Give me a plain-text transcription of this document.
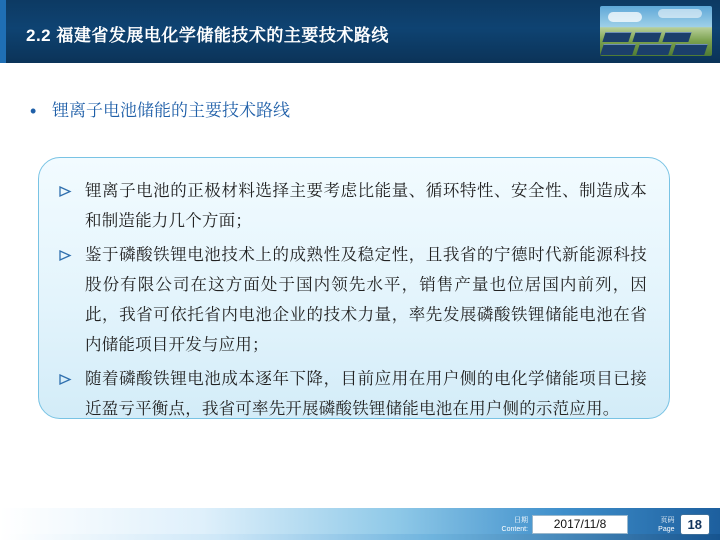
2.2 福建省发展电化学储能技术的主要技术路线
• 锂离子电池储能的主要技术路线
锂离子电池的正极材料选择主要考虑比能量、循环特性、安全性、制造成本和制造能力几个方面；
鉴于磷酸铁锂电池技术上的成熟性及稳定性，且我省的宁德时代新能源科技股份有限公司在这方面处于国内领先水平，销售产量也位居国内前列，因此，我省可依托省内电池企业的技术力量，率先发展磷酸铁锂储能电池在省内储能项目开发与应用；
随着磷酸铁锂电池成本逐年下降，目前应用在用户侧的电化学储能项目已接近盈亏平衡点，我省可率先开展磷酸铁锂储能电池在用户侧的示范应用。
日期
Content:	2017/11/8	页码
Page	18
